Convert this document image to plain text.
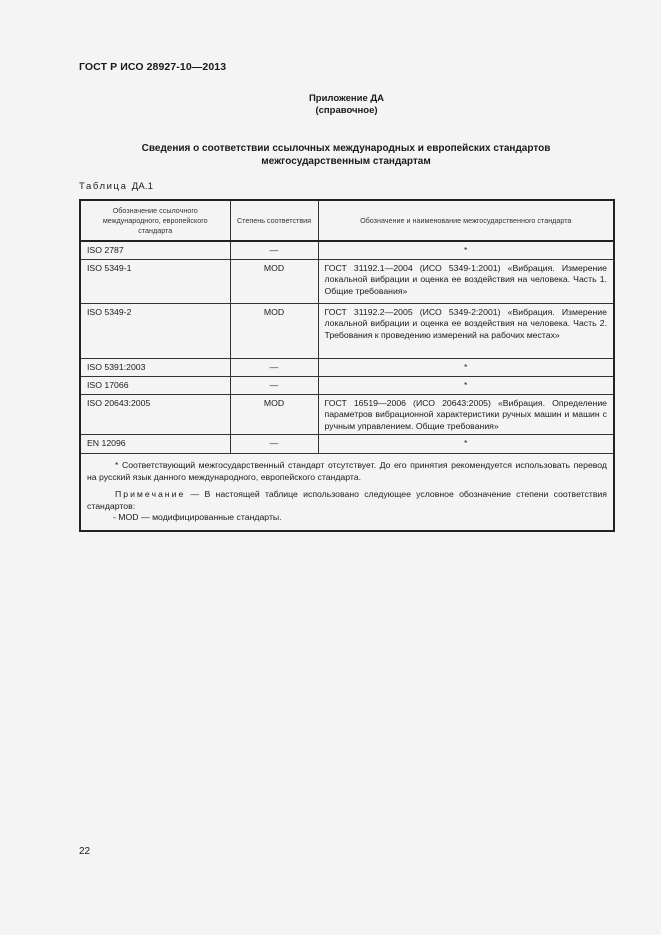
ГОСТ Р ИСО 28927-10—2013
Приложение ДА
(справочное)
Сведения о соответствии ссылочных международных и европейских стандартов
межгосударственным стандартам
Таблица ДА.1
Обозначение ссылочного международного, европейского стандарта	Степень соответствия	Обозначение и наименование межгосударственного стандарта
ISO 2787	—	*
ISO 5349-1	MOD	ГОСТ 31192.1—2004 (ИСО 5349-1:2001) «Вибрация. Измерение локальной вибрации и оценка ее воздействия на человека. Часть 1. Общие требования»
ISO 5349-2	MOD	ГОСТ 31192.2—2005 (ИСО 5349-2:2001) «Вибрация. Измерение локальной вибрации и оценка ее воздействия на человека. Часть 2. Требования к проведению измерений на рабочих местах»
ISO 5391:2003	—	*
ISO 17066	—	*
ISO 20643:2005	MOD	ГОСТ 16519—2006 (ИСО 20643:2005) «Вибрация. Определение параметров вибрационной характеристики ручных машин и машин с ручным управлением. Общие требования»
EN 12096	—	*

* Соответствующий межгосударственный стандарт отсутствует. До его принятия рекомендуется использовать перевод на русский язык данного международного, европейского стандарта.

Примечание — В настоящей таблице использовано следующее условное обозначение степени соответствия стандартов:

- MOD — модифицированные стандарты.		

22
